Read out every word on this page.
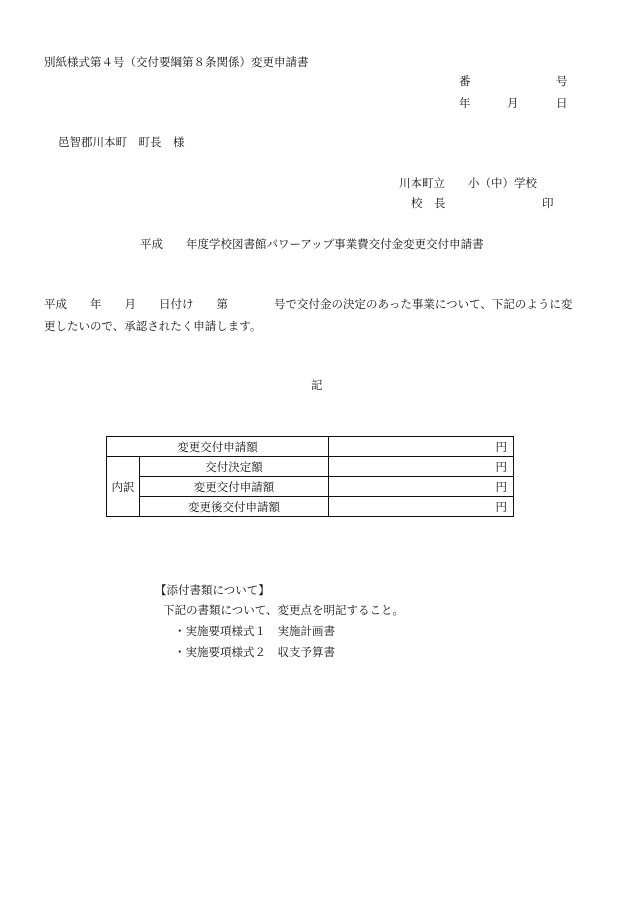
別紙様式第４号（交付要綱第８条関係）変更申請書
番	号
年	月	日
邑智郡川本町　町長　様
川本町立　　小（中）学校
校　長	印
平成　　年度学校図書館パワーアップ事業費交付金変更交付申請書
平成　　年　　月　　日付け　　第　　　　号で交付金の決定のあった事業について、下記のように変
更したいので、承認されたく申請します。
記
変更交付申請額		円
内訳	交付決定額	円
	変更交付申請額	円
	変更後交付申請額	円
【添付書類について】
下記の書類について、変更点を明記すること。
・実施要項様式１　実施計画書
・実施要項様式２　収支予算書
